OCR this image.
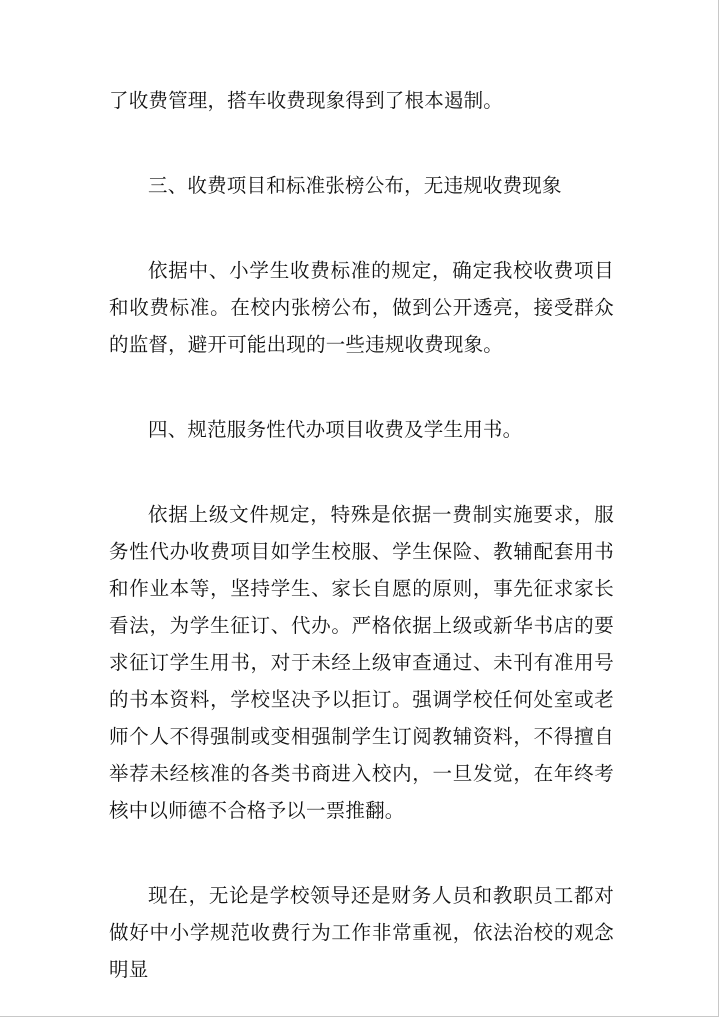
了收费管理，搭车收费现象得到了根本遏制。

三、收费项目和标准张榜公布，无违规收费现象

依据中、小学生收费标准的规定，确定我校收费项目和收费标准。在校内张榜公布，做到公开透亮，接受群众的监督，避开可能出现的一些违规收费现象。

四、规范服务性代办项目收费及学生用书。

依据上级文件规定，特殊是依据一费制实施要求，服务性代办收费项目如学生校服、学生保险、教辅配套用书和作业本等，坚持学生、家长自愿的原则，事先征求家长看法，为学生征订、代办。严格依据上级或新华书店的要求征订学生用书，对于未经上级审查通过、未刊有准用号的书本资料，学校坚决予以拒订。强调学校任何处室或老师个人不得强制或变相强制学生订阅教辅资料，不得擅自举荐未经核准的各类书商进入校内，一旦发觉，在年终考核中以师德不合格予以一票推翻。

现在，无论是学校领导还是财务人员和教职员工都对做好中小学规范收费行为工作非常重视，依法治校的观念明显
